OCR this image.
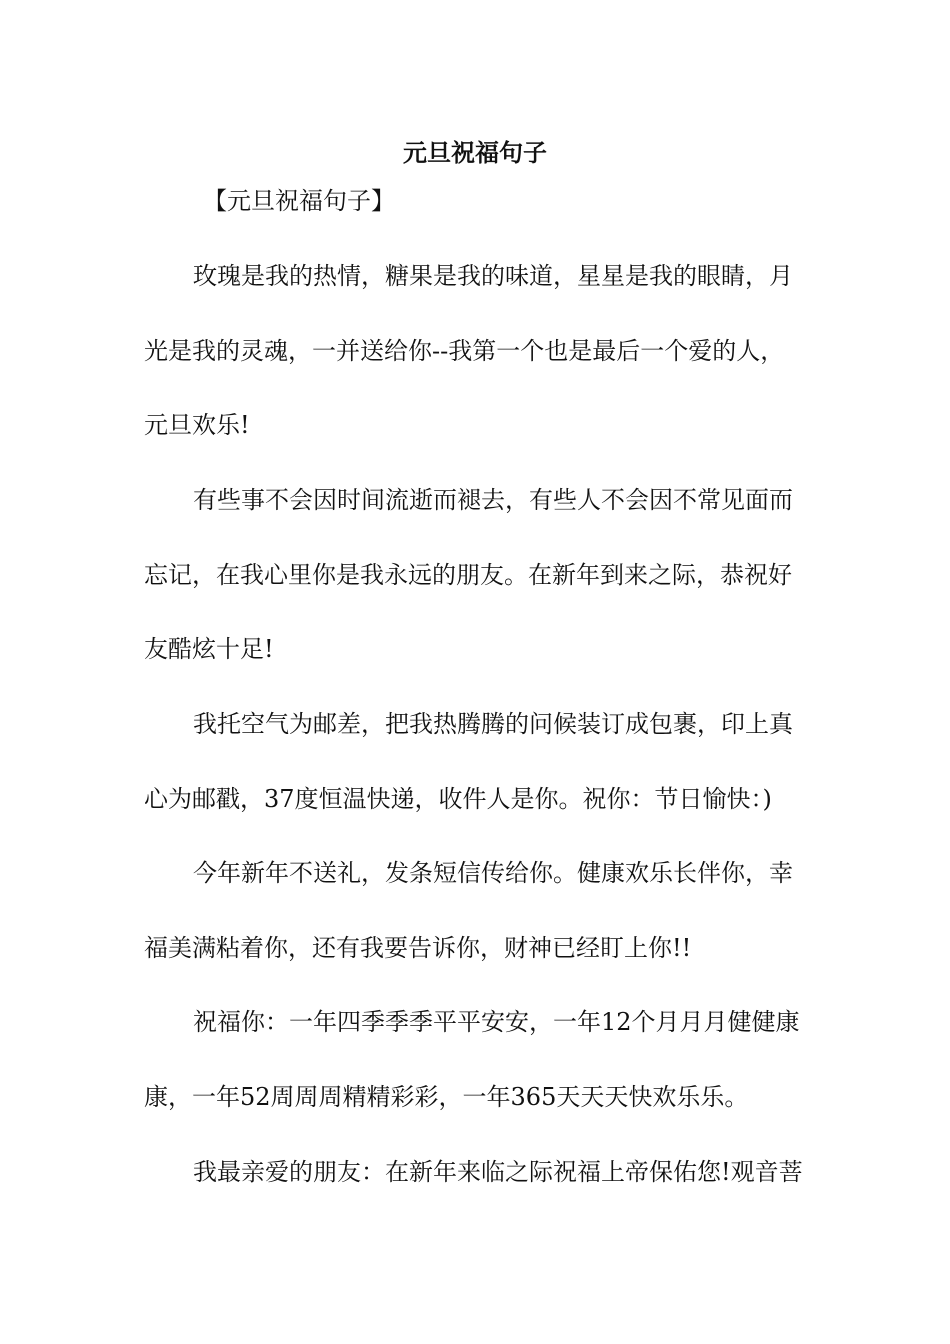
元旦祝福句子
【元旦祝福句子】
玫瑰是我的热情，糖果是我的味道，星星是我的眼睛，月
光是我的灵魂，一并送给你--我第一个也是最后一个爱的人，
元旦欢乐!
有些事不会因时间流逝而褪去，有些人不会因不常见面而
忘记，在我心里你是我永远的朋友。在新年到来之际，恭祝好
友酷炫十足!
我托空气为邮差，把我热腾腾的问候装订成包裹，印上真
心为邮戳，37度恒温快递，收件人是你。祝你：节日愉快：)
今年新年不送礼，发条短信传给你。健康欢乐长伴你，幸
福美满粘着你，还有我要告诉你，财神已经盯上你!!
祝福你：一年四季季季平平安安，一年12个月月月健健康
康，一年52周周周精精彩彩，一年365天天天快欢乐乐。
我最亲爱的朋友：在新年来临之际祝福上帝保佑您!观音菩
